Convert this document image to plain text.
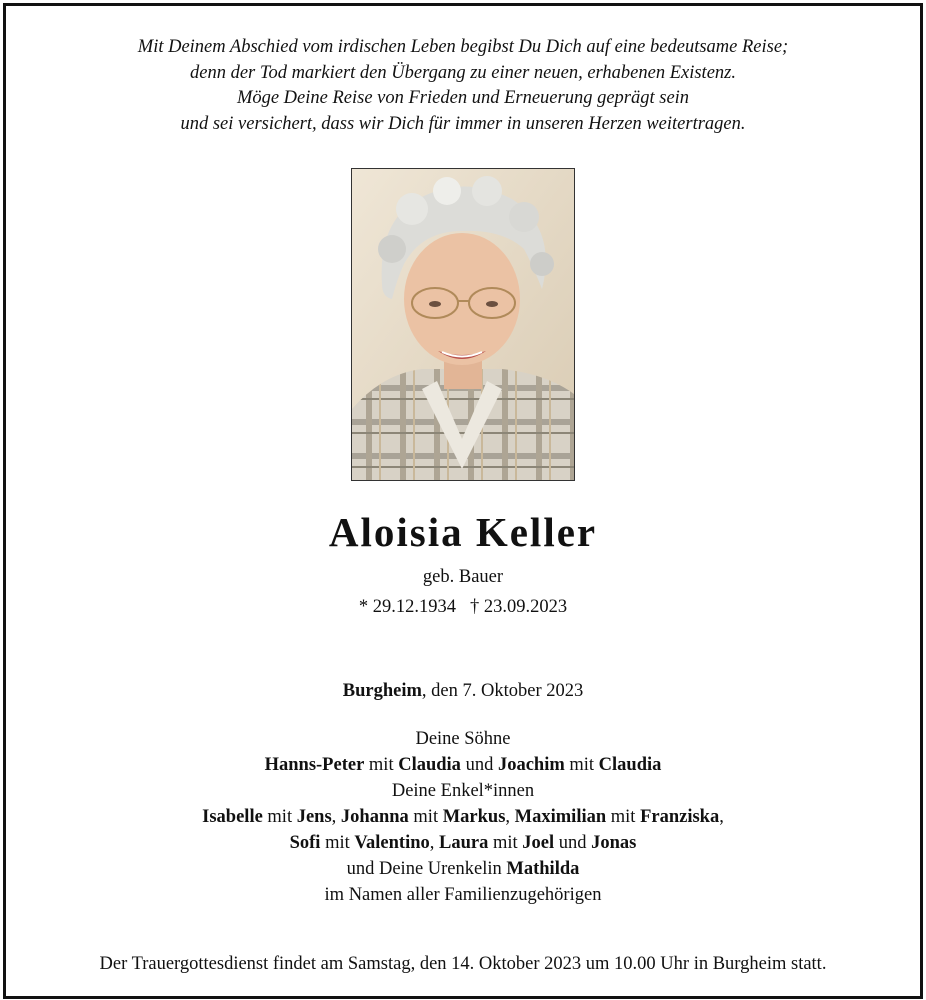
Mit Deinem Abschied vom irdischen Leben begibst Du Dich auf eine bedeutsame Reise;
denn der Tod markiert den Übergang zu einer neuen, erhabenen Existenz.
Möge Deine Reise von Frieden und Erneuerung geprägt sein
und sei versichert, dass wir Dich für immer in unseren Herzen weitertragen.
Aloisia Keller
geb. Bauer
* 29.12.1934 † 23.09.2023
Burgheim, den 7. Oktober 2023
Deine Söhne
Hanns-Peter mit Claudia und Joachim mit Claudia
Deine Enkel*innen
Isabelle mit Jens, Johanna mit Markus, Maximilian mit Franziska,
Sofi mit Valentino, Laura mit Joel und Jonas
und Deine Urenkelin Mathilda
im Namen aller Familienzugehörigen
Der Trauergottesdienst findet am Samstag, den 14. Oktober 2023 um 10.00 Uhr in Burgheim statt.
